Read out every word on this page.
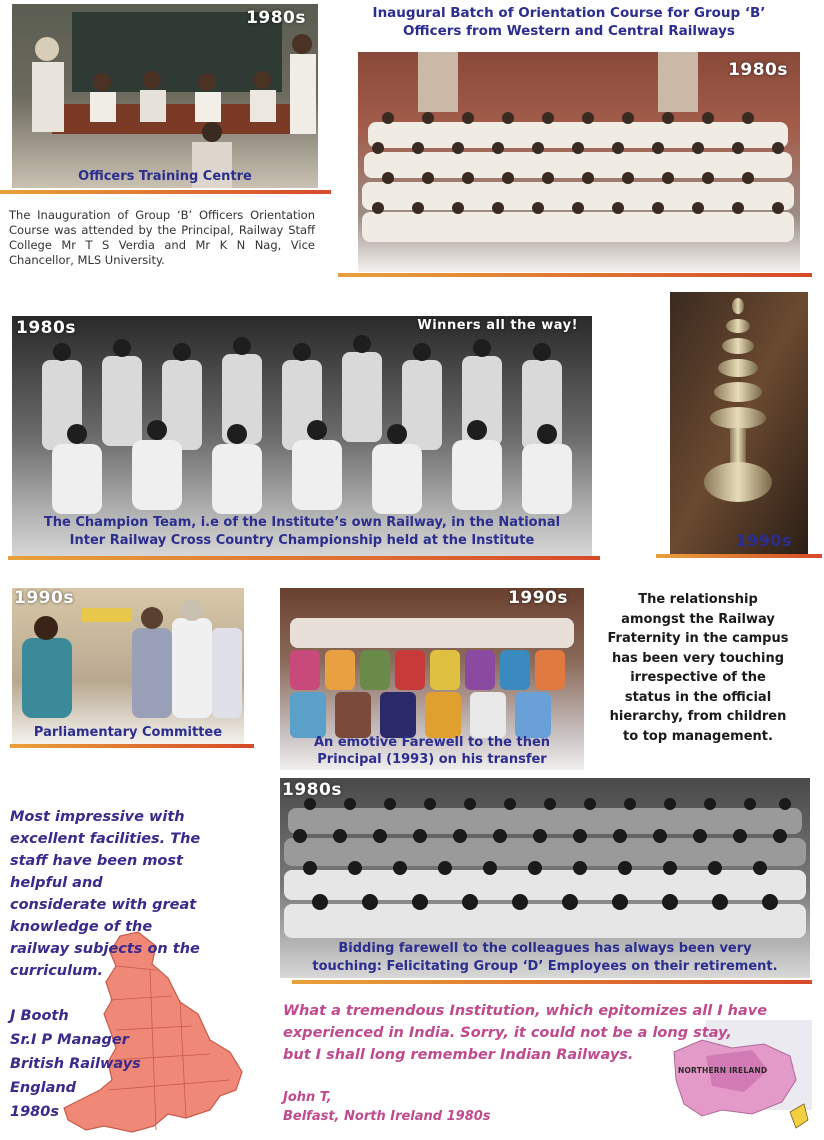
1980s
Officers Training Centre
The Inauguration of Group ‘B’ Officers Orientation Course was attended by the Principal, Railway Staff College Mr T S Verdia and Mr K N Nag, Vice Chancellor, MLS University.
Inaugural Batch of Orientation Course for Group ‘B’
Officers from Western and Central Railways
1980s
1980s	Winners all the way!
The Champion Team, i.e of the Institute’s own Railway, in the National
Inter Railway Cross Country Championship held at the Institute	1990s
1990s
Parliamentary Committee
1990s
An emotive Farewell to the then
Principal (1993) on his transfer
The relationship
amongst the Railway
Fraternity in the campus
has been very touching
irrespective of the
status in the official
hierarchy, from children
to top management.
1980s
Bidding farewell to the colleagues has always been very
touching: Felicitating Group ‘D’ Employees on their retirement.
Most impressive with
excellent facilities. The
staff have been most
helpful and
considerate with great
knowledge of the
railway subjects on the
curriculum.
J Booth
Sr.I P Manager
British Railways
England
1980s
NORTHERN IRELAND
What a tremendous Institution, which epitomizes all I have
experienced in India. Sorry, it could not be a long stay,
but I shall long remember Indian Railways.
John T,
Belfast, North Ireland 1980s
